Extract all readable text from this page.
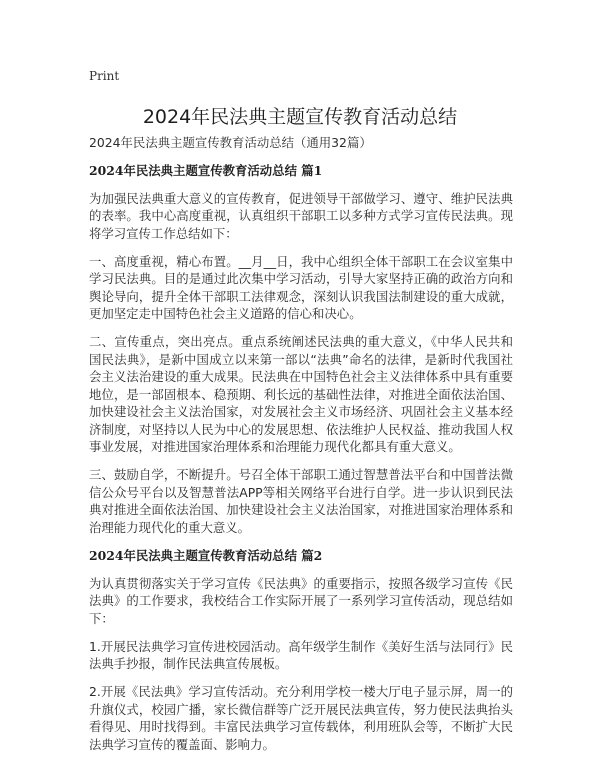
Print
2024年民法典主题宣传教育活动总结

2024年民法典主题宣传教育活动总结（通用32篇）

2024年民法典主题宣传教育活动总结 篇1

为加强民法典重大意义的宣传教育，促进领导干部做学习、遵守、维护民法典的表率。我中心高度重视，认真组织干部职工以多种方式学习宣传民法典。现将学习宣传工作总结如下：

一、高度重视，精心布置。__月__日，我中心组织全体干部职工在会议室集中学习民法典。目的是通过此次集中学习活动，引导大家坚持正确的政治方向和舆论导向，提升全体干部职工法律观念，深刻认识我国法制建设的重大成就，更加坚定走中国特色社会主义道路的信心和决心。

二、宣传重点，突出亮点。重点系统阐述民法典的重大意义，《中华人民共和国民法典》，是新中国成立以来第一部以“法典”命名的法律，是新时代我国社会主义法治建设的重大成果。民法典在中国特色社会主义法律体系中具有重要地位，是一部固根本、稳预期、利长远的基础性法律，对推进全面依法治国、加快建设社会主义法治国家，对发展社会主义市场经济、巩固社会主义基本经济制度，对坚持以人民为中心的发展思想、依法维护人民权益、推动我国人权事业发展，对推进国家治理体系和治理能力现代化都具有重大意义。

三、鼓励自学，不断提升。号召全体干部职工通过智慧普法平台和中国普法微信公众号平台以及智慧普法APP等相关网络平台进行自学。进一步认识到民法典对推进全面依法治国、加快建设社会主义法治国家，对推进国家治理体系和治理能力现代化的重大意义。

2024年民法典主题宣传教育活动总结 篇2

为认真贯彻落实关于学习宣传《民法典》的重要指示，按照各级学习宣传《民法典》的工作要求，我校结合工作实际开展了一系列学习宣传活动，现总结如下：

1.开展民法典学习宣传进校园活动。高年级学生制作《美好生活与法同行》民法典手抄报，制作民法典宣传展板。

2.开展《民法典》学习宣传活动。充分利用学校一楼大厅电子显示屏，周一的升旗仪式，校园广播，家长微信群等广泛开展民法典宣传，努力使民法典抬头看得见、用时找得到。丰富民法典学习宣传载体，利用班队会等，不断扩大民法典学习宣传的覆盖面、影响力。
